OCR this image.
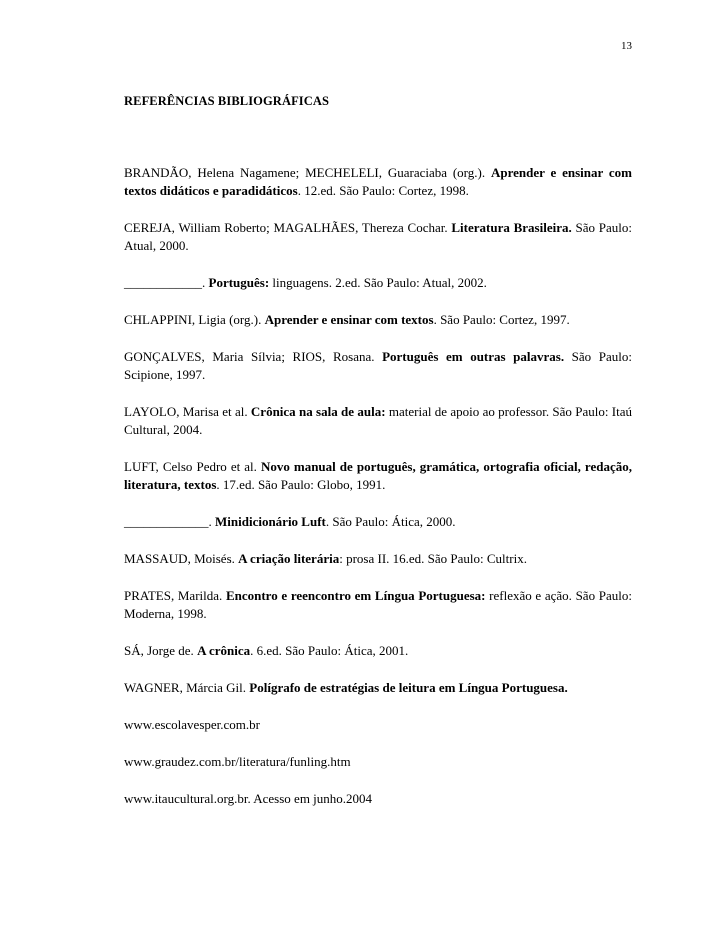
13
REFERÊNCIAS BIBLIOGRÁFICAS

BRANDÃO, Helena Nagamene; MECHELELI, Guaraciaba (org.). Aprender e ensinar com textos didáticos e paradidáticos. 12.ed. São Paulo: Cortez, 1998.

CEREJA, William Roberto; MAGALHÃES, Thereza Cochar. Literatura Brasileira. São Paulo: Atual, 2000.

____________. Português: linguagens. 2.ed. São Paulo: Atual, 2002.

CHLAPPINI, Ligia (org.). Aprender e ensinar com textos. São Paulo: Cortez, 1997.

GONÇALVES, Maria Sílvia; RIOS, Rosana. Português em outras palavras. São Paulo: Scipione, 1997.

LAYOLO, Marisa et al. Crônica na sala de aula: material de apoio ao professor. São Paulo: Itaú Cultural, 2004.

LUFT, Celso Pedro et al. Novo manual de português, gramática, ortografia oficial, redação, literatura, textos. 17.ed. São Paulo: Globo, 1991.

_____________. Minidicionário Luft. São Paulo: Ática, 2000.

MASSAUD, Moisés. A criação literária: prosa II. 16.ed. São Paulo: Cultrix.

PRATES, Marilda. Encontro e reencontro em Língua Portuguesa: reflexão e ação. São Paulo: Moderna, 1998.

SÁ, Jorge de. A crônica. 6.ed. São Paulo: Ática, 2001.

WAGNER, Márcia Gil. Polígrafo de estratégias de leitura em Língua Portuguesa.

www.escolavesper.com.br

www.graudez.com.br/literatura/funling.htm

www.itaucultural.org.br. Acesso em junho.2004
